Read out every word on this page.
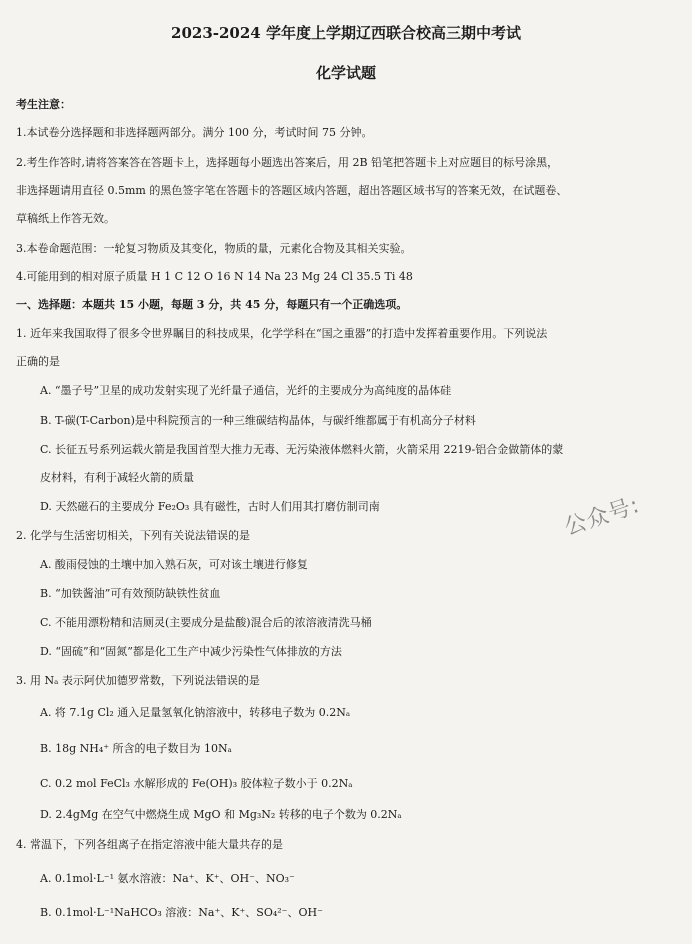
2023-2024 学年度上学期辽西联合校高三期中考试
化学试题
考生注意：
1.本试卷分选择题和非选择题两部分。满分 100 分，考试时间 75 分钟。
2.考生作答时,请将答案答在答题卡上，选择题每小题选出答案后，用 2B 铅笔把答题卡上对应题目的标号涂黑，
非选择题请用直径 0.5mm 的黑色签字笔在答题卡的答题区域内答题，超出答题区域书写的答案无效，在试题卷、
草稿纸上作答无效。
3.本卷命题范围：一轮复习物质及其变化，物质的量，元素化合物及其相关实验。
4.可能用到的相对原子质量 H 1 C 12 O 16 N 14 Na 23 Mg 24 Cl 35.5 Ti 48
一、选择题：本题共 15 小题，每题 3 分，共 45 分，每题只有一个正确选项。
1. 近年来我国取得了很多令世界瞩目的科技成果，化学学科在“国之重器”的打造中发挥着重要作用。下列说法
正确的是
A. “墨子号”卫星的成功发射实现了光纤量子通信，光纤的主要成分为高纯度的晶体硅
B. T-碳(T-Carbon)是中科院预言的一种三维碳结构晶体，与碳纤维都属于有机高分子材料
C. 长征五号系列运载火箭是我国首型大推力无毒、无污染液体燃料火箭，火箭采用 2219-铝合金做箭体的蒙
皮材料，有利于减轻火箭的质量
D. 天然磁石的主要成分 Fe₂O₃ 具有磁性，古时人们用其打磨仿制司南
2. 化学与生活密切相关，下列有关说法错误的是
A. 酸雨侵蚀的土壤中加入熟石灰，可对该土壤进行修复
B. “加铁酱油”可有效预防缺铁性贫血
C. 不能用漂粉精和洁厕灵(主要成分是盐酸)混合后的浓溶液清洗马桶
D. “固硫”和“固氮”都是化工生产中减少污染性气体排放的方法
3. 用 Nₐ 表示阿伏加德罗常数，下列说法错误的是
A. 将 7.1g Cl₂ 通入足量氢氧化钠溶液中，转移电子数为 0.2Nₐ
B. 18g NH₄⁺ 所含的电子数目为 10Nₐ
C. 0.2 mol FeCl₃ 水解形成的 Fe(OH)₃ 胶体粒子数小于 0.2Nₐ
D. 2.4gMg 在空气中燃烧生成 MgO 和 Mg₃N₂ 转移的电子个数为 0.2Nₐ
4. 常温下，下列各组离子在指定溶液中能大量共存的是
A. 0.1mol·L⁻¹ 氨水溶液：Na⁺、K⁺、OH⁻、NO₃⁻
B. 0.1mol·L⁻¹NaHCO₃ 溶液：Na⁺、K⁺、SO₄²⁻、OH⁻
公众号:
